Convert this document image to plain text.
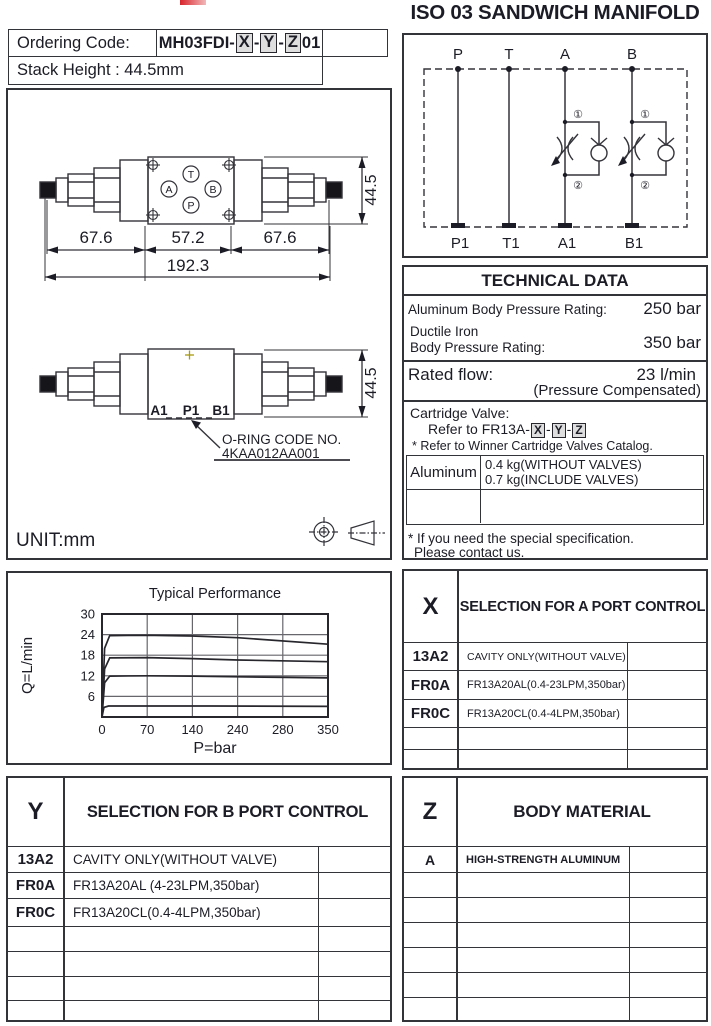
ISO 03 SANDWICH MANIFOLD
Ordering Code: MH03FDI- X - Y - Z 01
Stack Height : 44.5mm
T
A	B
P
67.6	57.2	67.6
192.3
44.5
A1 P1 B1
O-RING CODE NO.
4KAA012AA001
44.5
UNIT:mm
P	T	A	B
P1 T1	A1	B1
①
②
①
②
TECHNICAL DATA
Aluminum Body Pressure Rating: 250 bar
Ductile Iron
Body Pressure Rating:	350 bar
Rated flow:	23 l/min
(Pressure Compensated)
Cartridge Valve:
Refer to FR13A- X - Y - Z
* Refer to Winner Cartridge Valves Catalog.
Aluminum 0.4 kg(WITHOUT VALVES)
0.7 kg(INCLUDE VALVES)
* If you need the special specification.
Please contact us.
0	70 140 240 280 350
6
12
18
24
30
Typical Performance
P=bar
Q=L/min
X	SELECTION FOR A PORT CONTROL
13A2	CAVITY ONLY(WITHOUT VALVE)
FR0A	FR13A20AL(0.4-23LPM,350bar)
FR0C	FR13A20CL(0.4-4LPM,350bar)
Y	SELECTION FOR B PORT CONTROL
13A2	CAVITY ONLY(WITHOUT VALVE)
FR0A	FR13A20AL (4-23LPM,350bar)
FR0C	FR13A20CL(0.4-4LPM,350bar)
Z	BODY MATERIAL
A	HIGH-STRENGTH ALUMINUM
